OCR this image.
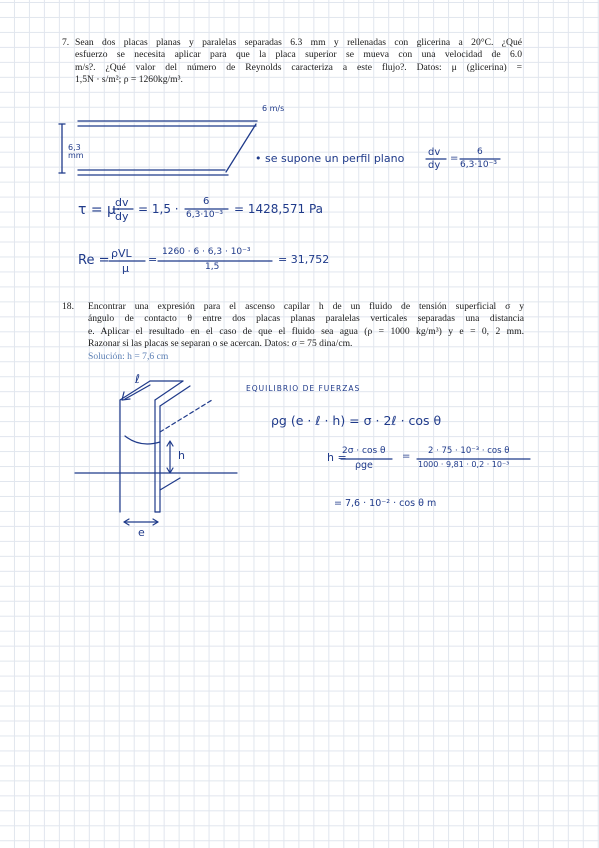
7. Sean dos placas planas y paralelas separadas 6.3 mm y rellenadas con glicerina a 20°C. ¿Qué
esfuerzo se necesita aplicar para que la placa superior se mueva con una velocidad de 6.0
m/s?. ¿Qué valor del número de Reynolds caracteriza a este flujo?. Datos: μ (glicerina) =
1,5N · s/m²; ρ = 1260kg/m³.
18. Encontrar una expresión para el ascenso capilar h de un fluido de tensión superficial σ y
ángulo de contacto θ entre dos placas planas paralelas verticales separadas una distancia
e. Aplicar el resultado en el caso de que el fluido sea agua (ρ = 1000 kg/m³) y e = 0, 2 mm.
Razonar si las placas se separan o se acercan. Datos: σ = 75 dina/cm.
Solución: h = 7,6 cm
6 m/s
6,3
mm	• se supone un perfil plano dv
dy
=
6
6,3·10⁻³
τ = μ·
dv
dy
= 1,5 ·
6
6,3·10⁻³ = 1428,571 Pa
Re = ρVL
μ
=
1260 · 6 · 6,3 · 10⁻³
1,5
= 31,752
ℓ
h
e
EQUILIBRIO DE FUERZAS
ρg (e · ℓ · h) = σ · 2ℓ · cos θ
h =
2σ · cos θ
ρge
= 2 · 75 · 10⁻³ · cos θ
1000 · 9,81 · 0,2 · 10⁻³
= 7,6 · 10⁻² · cos θ m
